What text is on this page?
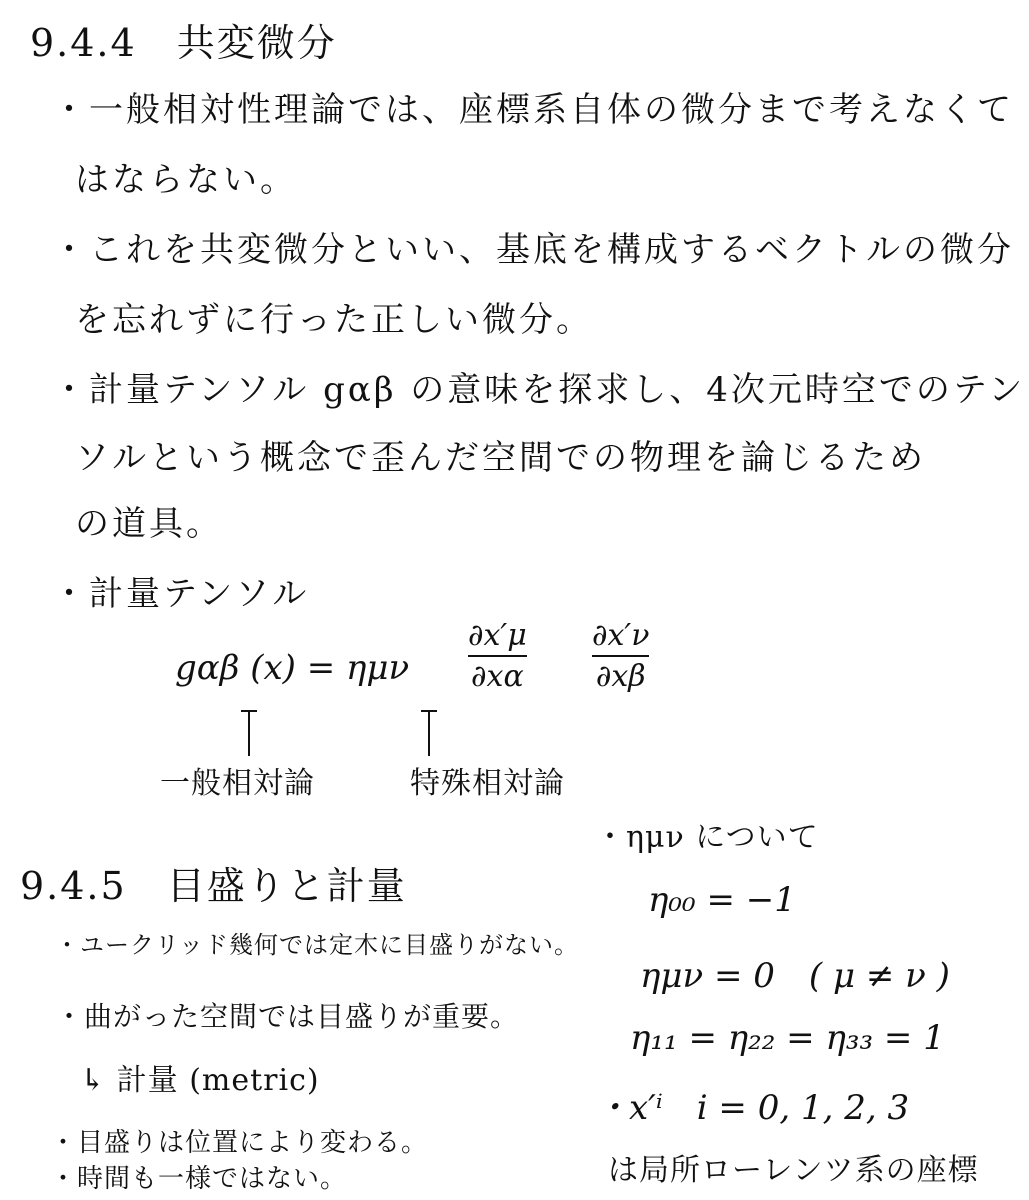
9.4.4　共変微分
・一般相対性理論では、座標系自体の微分まで考えなくて
はならない。
・これを共変微分といい、基底を構成するベクトルの微分
を忘れずに行った正しい微分。
・計量テンソル gαβ の意味を探求し、4次元時空でのテン
ソルという概念で歪んだ空間での物理を論じるため
の道具。
・計量テンソル
gαβ (x) = ημν
∂x′μ
∂xα
∂x′ν
∂xβ
一般相対論	特殊相対論
9.4.5　目盛りと計量
・ユークリッド幾何では定木に目盛りがない。
・曲がった空間では目盛りが重要。
↳ 計量 (metric)
・目盛りは位置により変わる。
・時間も一様ではない。
・ημν について
η₀₀ = −1
ημν = 0　( μ ≠ ν )
η₁₁ = η₂₂ = η₃₃ = 1
・x′ⁱ　i = 0, 1, 2, 3
は局所ローレンツ系の座標
